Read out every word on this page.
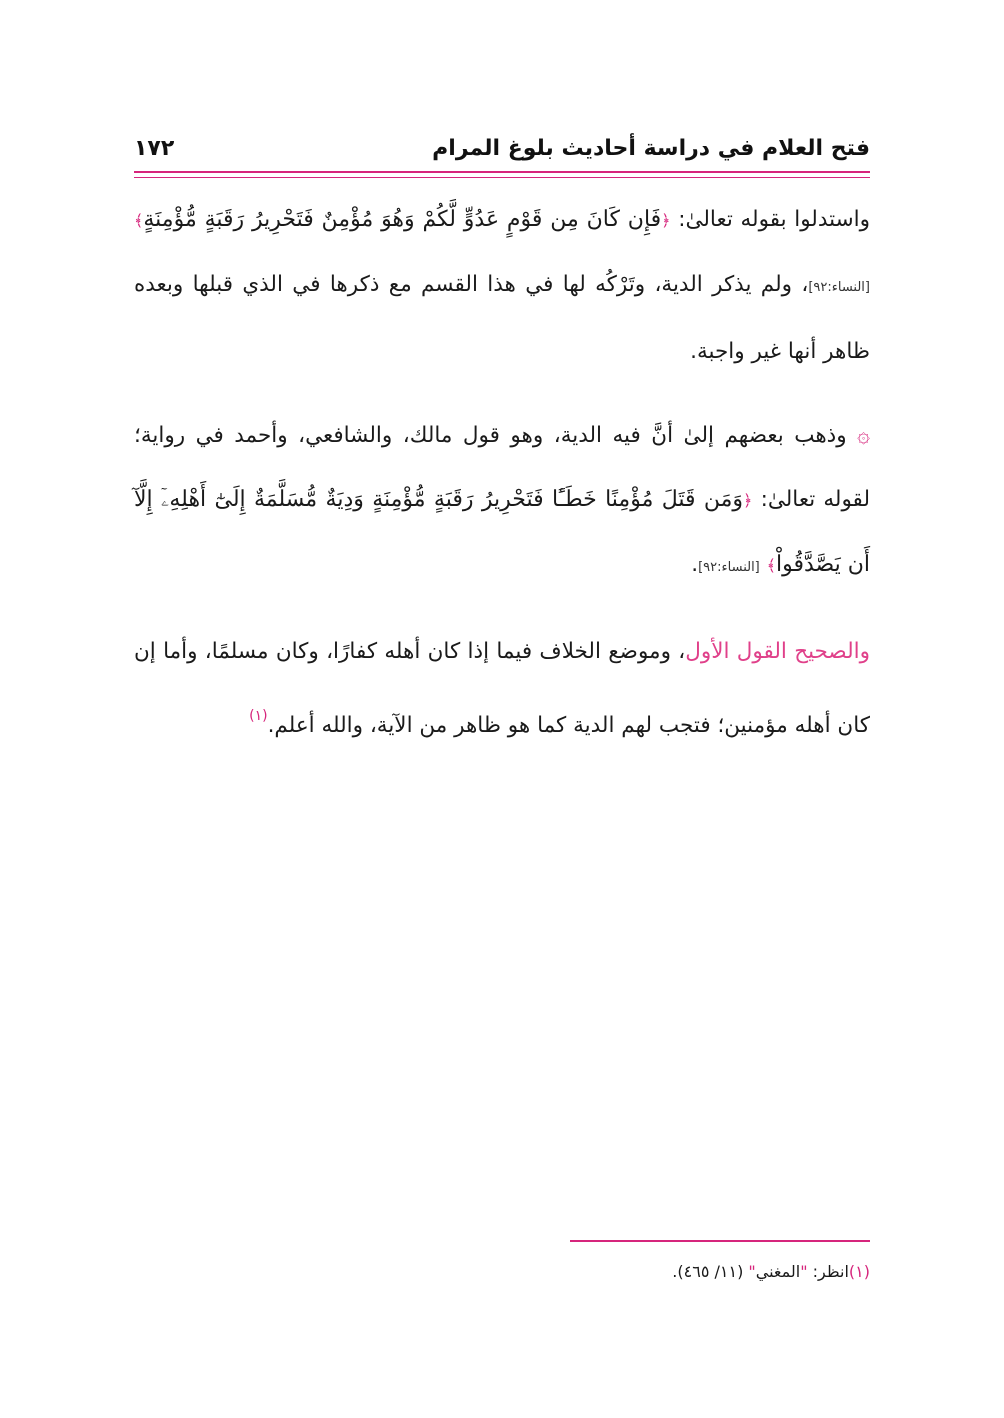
فتح العلام في دراسة أحاديث بلوغ المرام
١٧٢

واستدلوا بقوله تعالىٰ: ﴿فَإِن كَانَ مِن قَوْمٍ عَدُوٍّ لَّكُمْ وَهُوَ مُؤْمِنٌ فَتَحْرِيرُ رَقَبَةٍ مُّؤْمِنَةٍ﴾ [النساء:٩٢]، ولم يذكر الدية، وتَرْكُه لها في هذا القسم مع ذكرها في الذي قبلها وبعده ظاهر أنها غير واجبة.

۞ وذهب بعضهم إلىٰ أنَّ فيه الدية، وهو قول مالك، والشافعي، وأحمد في رواية؛ لقوله تعالىٰ: ﴿وَمَن قَتَلَ مُؤْمِنًا خَطَـًٔا فَتَحْرِيرُ رَقَبَةٍ مُّؤْمِنَةٍ وَدِيَةٌ مُّسَلَّمَةٌ إِلَىٰٓ أَهْلِهِۦٓ إِلَّآ أَن يَصَّدَّقُواْ﴾ [النساء:٩٢].

والصحيح القول الأول، وموضع الخلاف فيما إذا كان أهله كفارًا، وكان مسلمًا، وأما إن كان أهله مؤمنين؛ فتجب لهم الدية كما هو ظاهر من الآية، والله أعلم.$^{(١)}$

(١)انظر: "المغني" (١١/ ٤٦٥).
